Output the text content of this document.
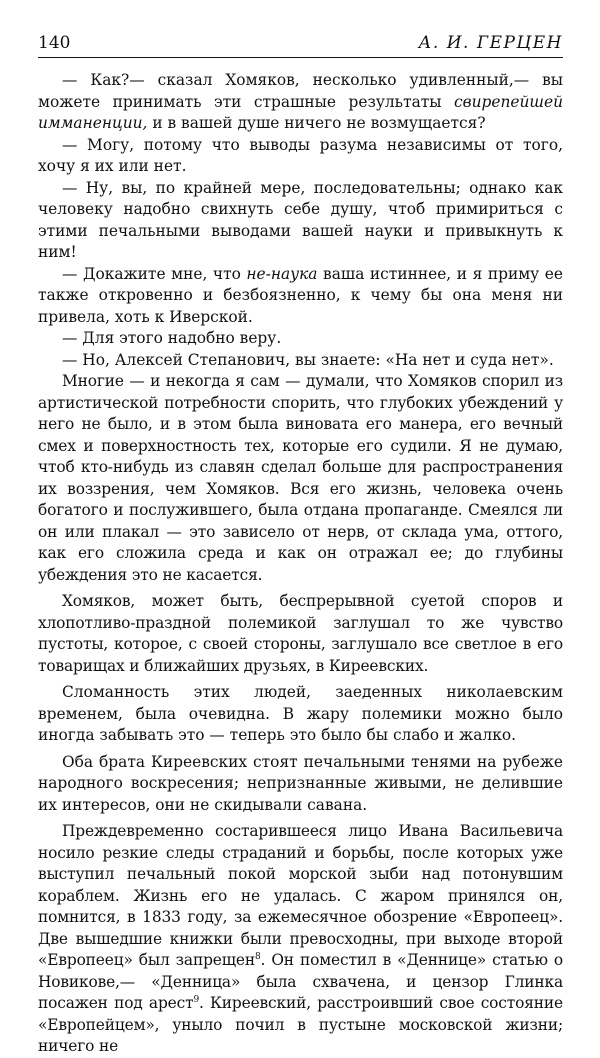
140	А. И. ГЕРЦЕН

— Как?— сказал Хомяков, несколько удивленный,— вы можете принимать эти страшные результаты свирепейшей имманенции, и в вашей душе ничего не возмущается?

— Могу, потому что выводы разума независимы от того, хочу я их или нет.

— Ну, вы, по крайней мере, последовательны; однако как человеку надобно свихнуть себе душу, чтоб примириться с этими печальными выводами вашей науки и привыкнуть к ним!

— Докажите мне, что не-наука ваша истиннее, и я приму ее также откровенно и безбоязненно, к чему бы она меня ни привела, хоть к Иверской.

— Для этого надобно веру.

— Но, Алексей Степанович, вы знаете: «На нет и суда нет».

Многие — и некогда я сам — думали, что Хомяков спорил из артистической потребности спорить, что глубоких убеждений у него не было, и в этом была виновата его манера, его вечный смех и поверхностность тех, которые его судили. Я не думаю, чтоб кто-нибудь из славян сделал больше для распространения их воззрения, чем Хомяков. Вся его жизнь, человека очень богатого и послужившего, была отдана пропаганде. Смеялся ли он или плакал — это зависело от нерв, от склада ума, оттого, как его сложила среда и как он отражал ее; до глубины убеждения это не касается.

Хомяков, может быть, беспрерывной суетой споров и хлопотливо-праздной полемикой заглушал то же чувство пустоты, которое, с своей стороны, заглушало все светлое в его товарищах и ближайших друзьях, в Киреевских.

Сломанность этих людей, заеденных николаевским временем, была очевидна. В жару полемики можно было иногда забывать это — теперь это было бы слабо и жалко.

Оба брата Киреевских стоят печальными тенями на рубеже народного воскресения; непризнанные живыми, не делившие их интересов, они не скидывали савана.

Преждевременно состарившееся лицо Ивана Васильевича носило резкие следы страданий и борьбы, после которых уже выступил печальный покой морской зыби над потонувшим кораблем. Жизнь его не удалась. С жаром принялся он, помнится, в 1833 году, за ежемесячное обозрение «Европеец». Две вышедшие книжки были превосходны, при выходе второй «Европеец» был запрещен$^8$. Он поместил в «Деннице» статью о Новикове,— «Денница» была схвачена, и цензор Глинка посажен под арест$^9$. Киреевский, расстроивший свое состояние «Европейцем», уныло почил в пустыне московской жизни; ничего не
